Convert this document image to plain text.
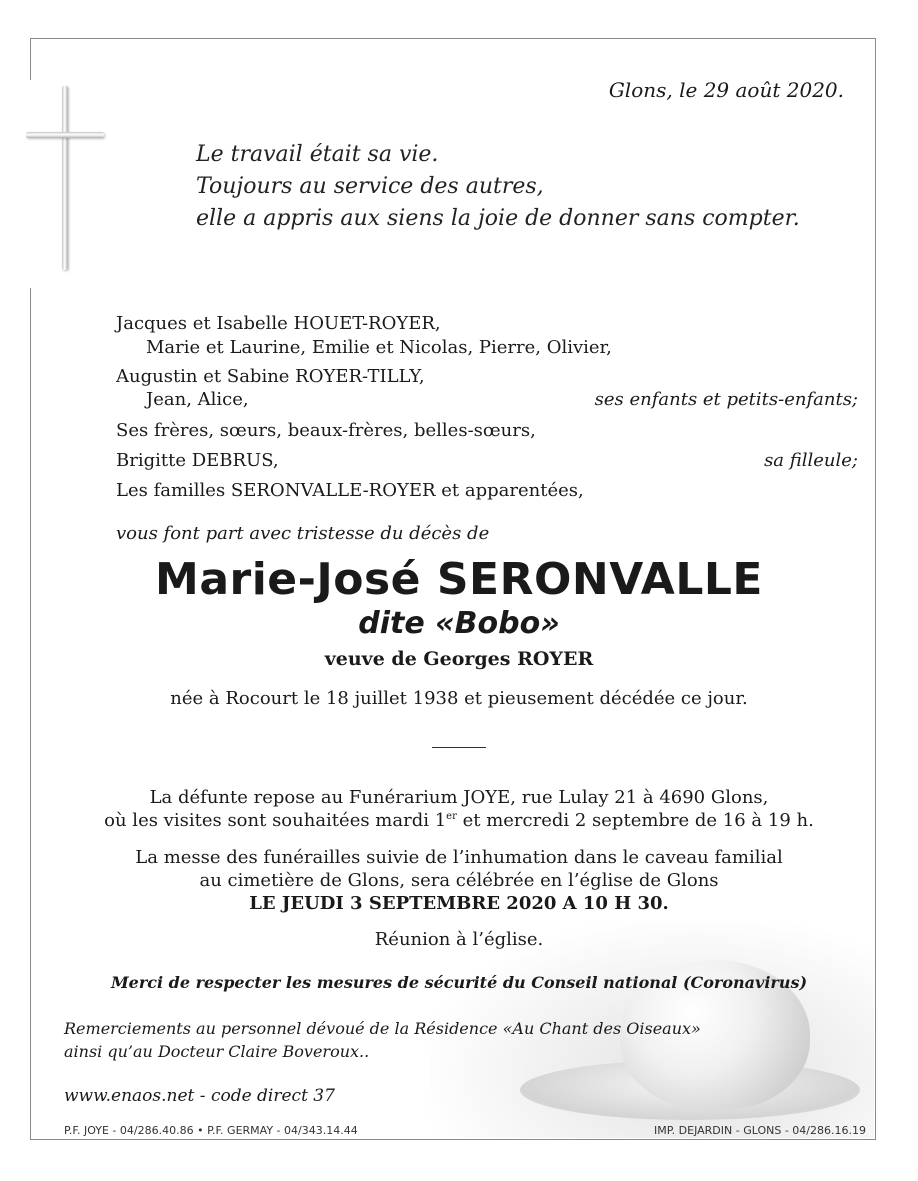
Glons, le 29 août 2020.
Le travail était sa vie.
Toujours au service des autres,
elle a appris aux siens la joie de donner sans compter.
Jacques et Isabelle HOUET-ROYER,
Marie et Laurine, Emilie et Nicolas, Pierre, Olivier,
Augustin et Sabine ROYER-TILLY,
Jean, Alice,	ses enfants et petits-enfants;
Ses frères, sœurs, beaux-frères, belles-sœurs,
Brigitte DEBRUS,	sa filleule;
Les familles SERONVALLE-ROYER et apparentées,
vous font part avec tristesse du décès de
Marie-José SERONVALLE
dite «Bobo»
veuve de Georges ROYER
née à Rocourt le 18 juillet 1938 et pieusement décédée ce jour.
La défunte repose au Funérarium JOYE, rue Lulay 21 à 4690 Glons,
où les visites sont souhaitées mardi 1er et mercredi 2 septembre de 16 à 19 h.
La messe des funérailles suivie de l’inhumation dans le caveau familial
au cimetière de Glons, sera célébrée en l’église de Glons
LE JEUDI 3 SEPTEMBRE 2020 A 10 H 30.
Réunion à l’église.
Merci de respecter les mesures de sécurité du Conseil national (Coronavirus)
Remerciements au personnel dévoué de la Résidence «Au Chant des Oiseaux»
ainsi qu’au Docteur Claire Boveroux..
www.enaos.net - code direct 37
P.F. JOYE - 04/286.40.86 • P.F. GERMAY - 04/343.14.44	IMP. DEJARDIN - GLONS - 04/286.16.19
